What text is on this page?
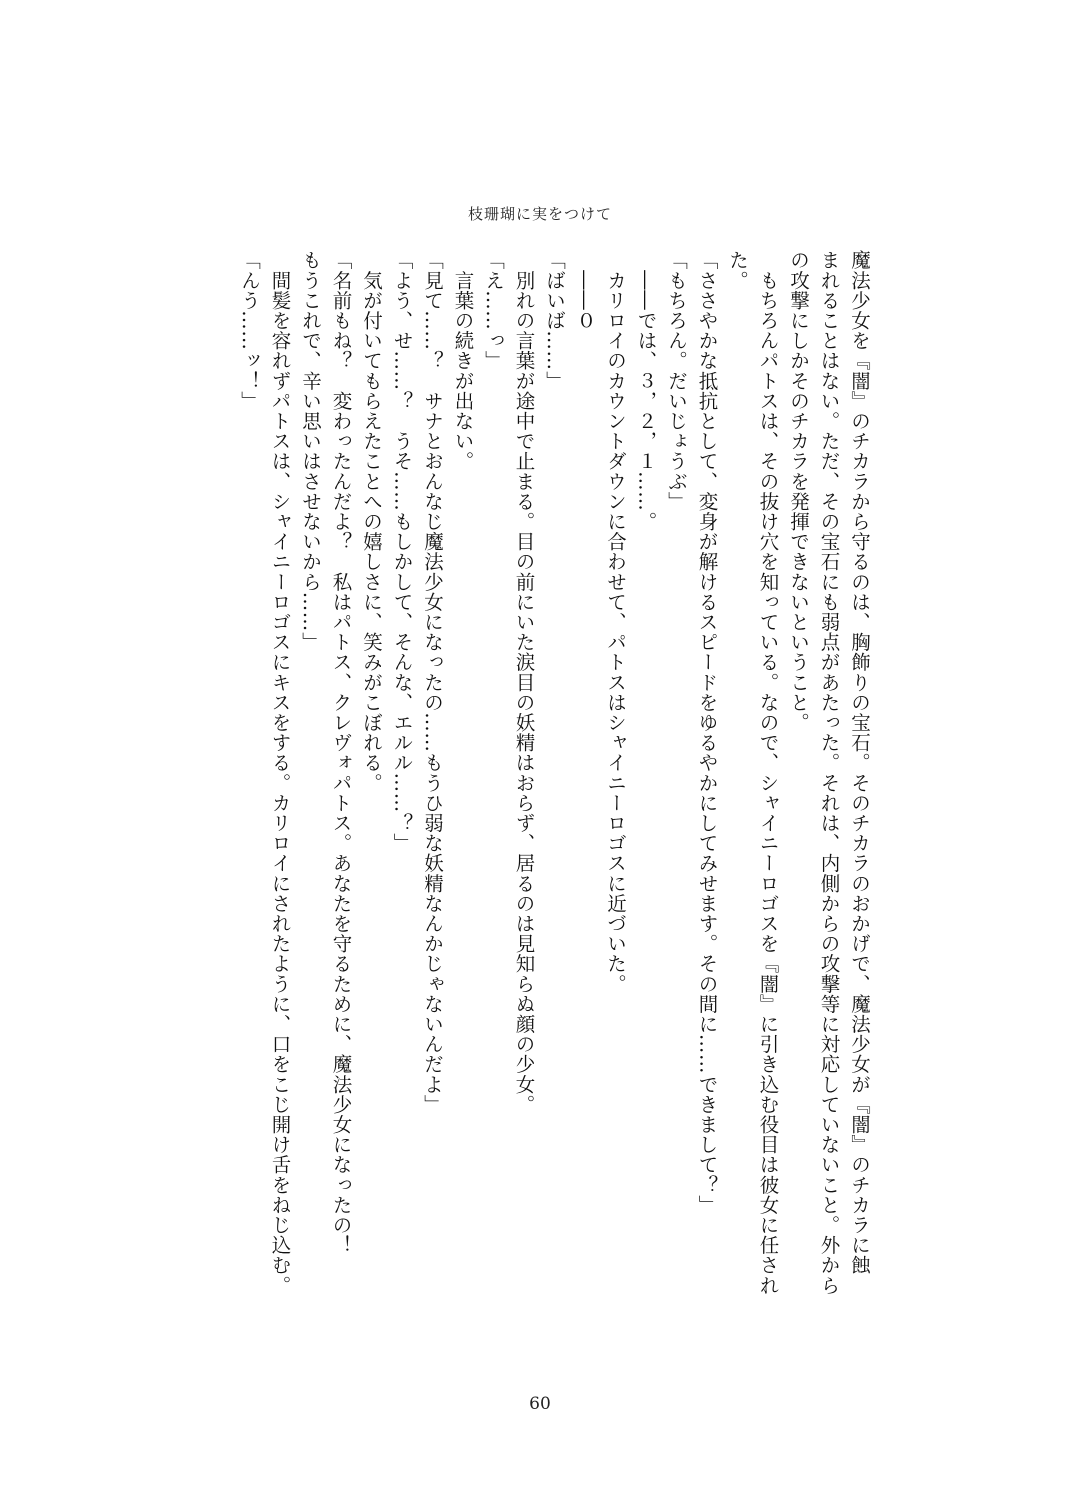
枝珊瑚に実をつけて
魔法少女を『闇』のチカラから守るのは、胸飾りの宝石。そのチカラのおかげで、魔法少女が『闇』のチカラに蝕
まれることはない。ただ、その宝石にも弱点があたった。それは、内側からの攻撃等に対応していないこと。外から
の攻撃にしかそのチカラを発揮できないということ。
　もちろんパトスは、その抜け穴を知っている。なので、シャイニーロゴスを『闇』に引き込む役目は彼女に任され
た。
「ささやかな抵抗として、変身が解けるスピードをゆるやかにしてみせます。その間に……できまして？」
「もちろん。だいじょうぶ」
　――では、３，２，１……。
　カリロイのカウントダウンに合わせて、パトスはシャイニーロゴスに近づいた。
　――０
「ばいば……」
　別れの言葉が途中で止まる。目の前にいた涙目の妖精はおらず、居るのは見知らぬ顔の少女。
「え……っ」
　言葉の続きが出ない。
「見て……？　サナとおんなじ魔法少女になったの……もうひ弱な妖精なんかじゃないんだよ」
「よう、せ……？　うそ……もしかして、そんな、エルル……？」
　気が付いてもらえたことへの嬉しさに、笑みがこぼれる。
「名前もね？　変わったんだよ？　私はパトス、クレヴォパトス。あなたを守るために、魔法少女になったの！
もうこれで、辛い思いはさせないから……」
　間髪を容れずパトスは、シャイニーロゴスにキスをする。カリロイにされたように、口をこじ開け舌をねじ込む。
「んう……ッ！」
60
